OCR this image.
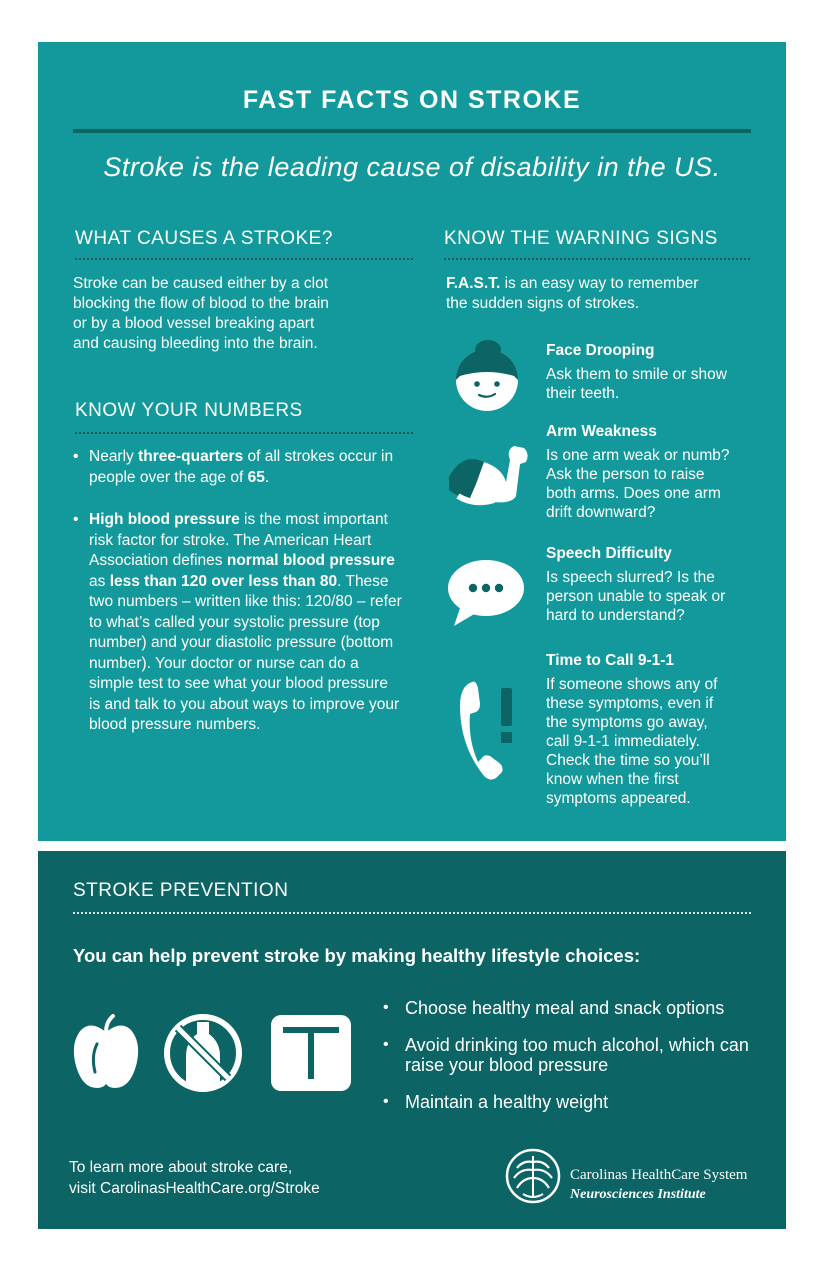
FAST FACTS ON STROKE
Stroke is the leading cause of disability in the US.
WHAT CAUSES A STROKE?
Stroke can be caused either by a clot
blocking the flow of blood to the brain
or by a blood vessel breaking apart
and causing bleeding into the brain.
KNOW YOUR NUMBERS
• Nearly three-quarters of all strokes occur in people over the age of 65.
• High blood pressure is the most important risk factor for stroke. The American Heart Association defines normal blood pressure as less than 120 over less than 80. These two numbers – written like this: 120/80 – refer to what’s called your systolic pressure (top number) and your diastolic pressure (bottom number). Your doctor or nurse can do a simple test to see what your blood pressure is and talk to you about ways to improve your blood pressure numbers.
KNOW THE WARNING SIGNS
F.A.S.T. is an easy way to remember
the sudden signs of strokes.
Face Drooping
Ask them to smile or show
their teeth.
Arm Weakness
Is one arm weak or numb?
Ask the person to raise
both arms. Does one arm
drift downward?
Speech Difficulty
Is speech slurred? Is the
person unable to speak or
hard to understand?
Time to Call 9-1-1
If someone shows any of
these symptoms, even if
the symptoms go away,
call 9-1-1 immediately.
Check the time so you’ll
know when the first
symptoms appeared.
STROKE PREVENTION
You can help prevent stroke by making healthy lifestyle choices:
• Choose healthy meal and snack options
• Avoid drinking too much alcohol, which can raise your blood pressure
• Maintain a healthy weight
To learn more about stroke care,
visit CarolinasHealthCare.org/Stroke
Carolinas HealthCare System
Neurosciences Institute
